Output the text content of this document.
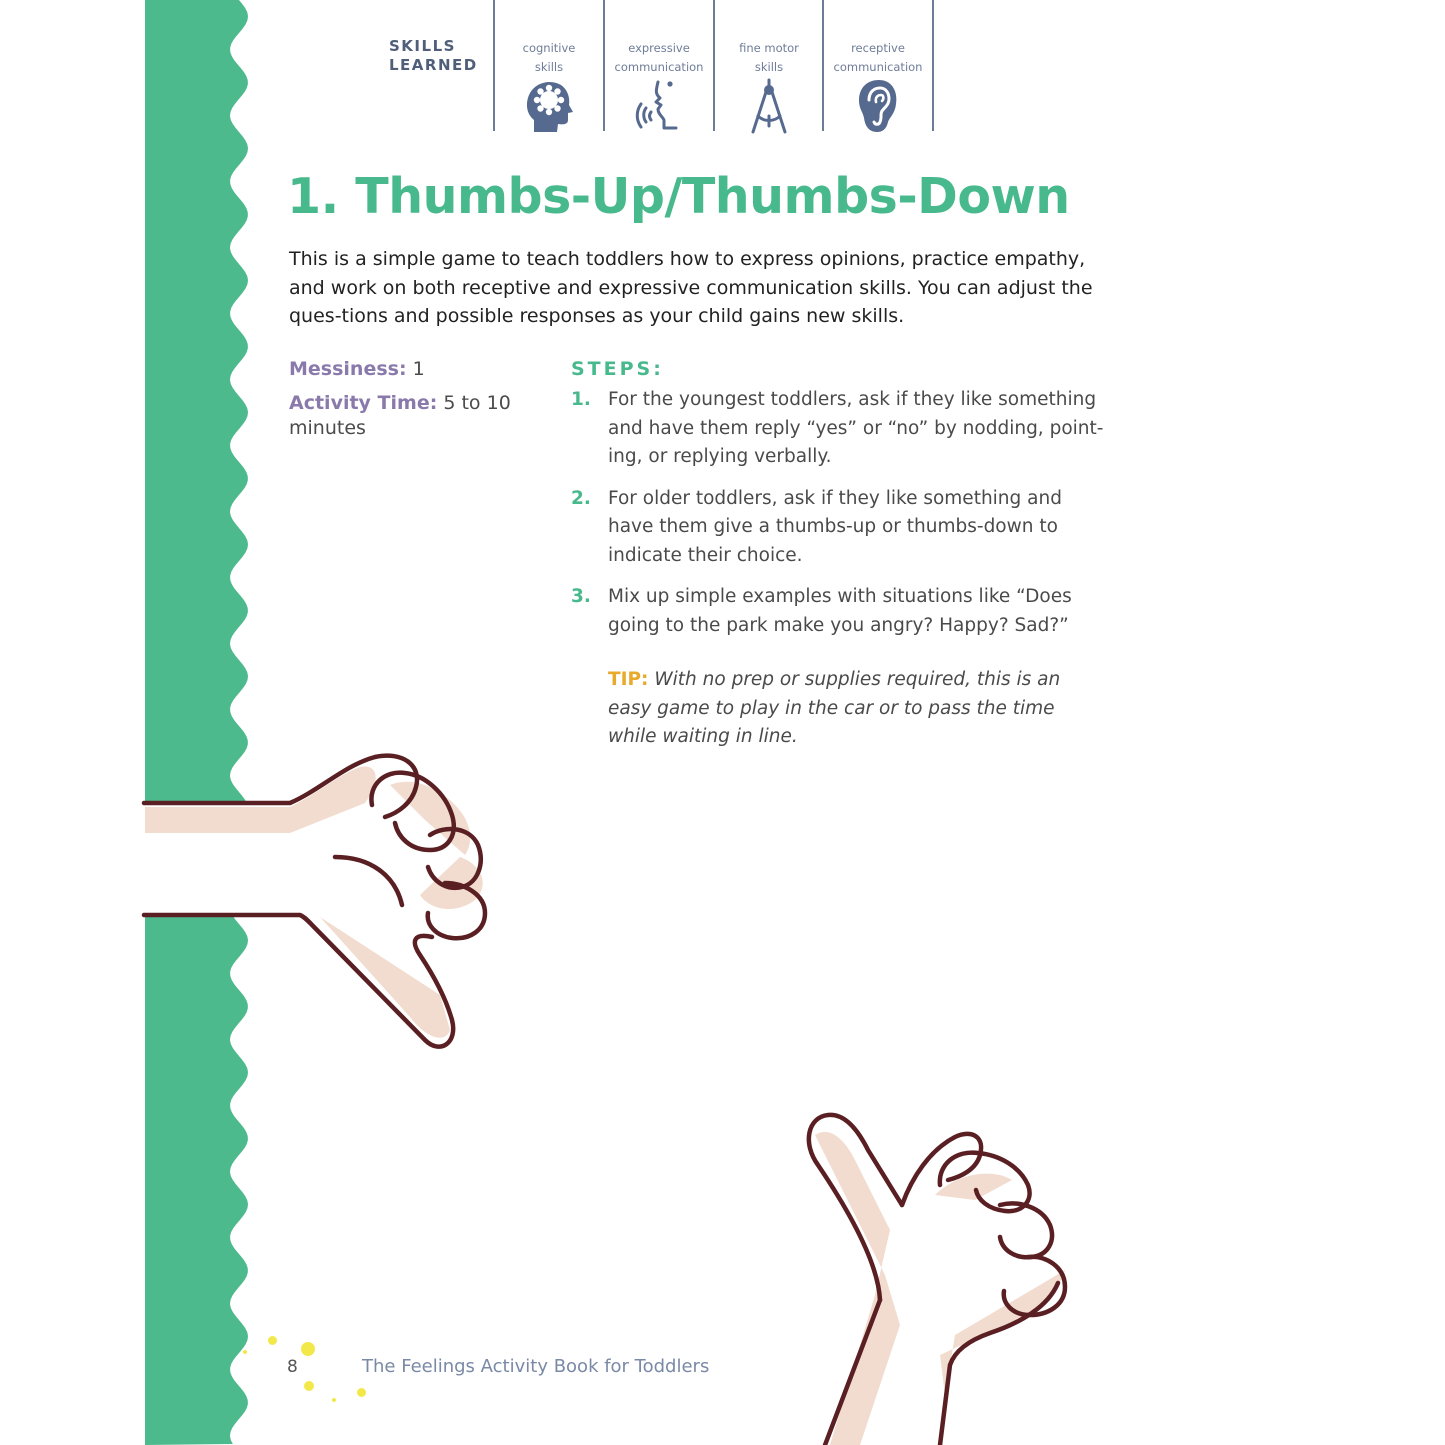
SKILLS
LEARNED
cognitive
skills
expressive
communication
fine motor
skills
receptive
communication
1. Thumbs-Up/Thumbs-Down

This is a simple game to teach toddlers how to express opinions, practice empathy, and work on both receptive and expressive communication skills. You can adjust the ques-tions and possible responses as your child gains new skills.

Messiness: 1
Activity Time: 5 to 10 minutes
STEPS:
1. For the youngest toddlers, ask if they like something and have them reply “yes” or “no” by nodding, point-ing, or replying verbally.
2. For older toddlers, ask if they like something and have them give a thumbs-up or thumbs-down to indicate their choice.
3. Mix up simple examples with situations like “Does going to the park make you angry? Happy? Sad?”
TIP: With no prep or supplies required, this is an easy game to play in the car or to pass the time while waiting in line.
8	The Feelings Activity Book for Toddlers
